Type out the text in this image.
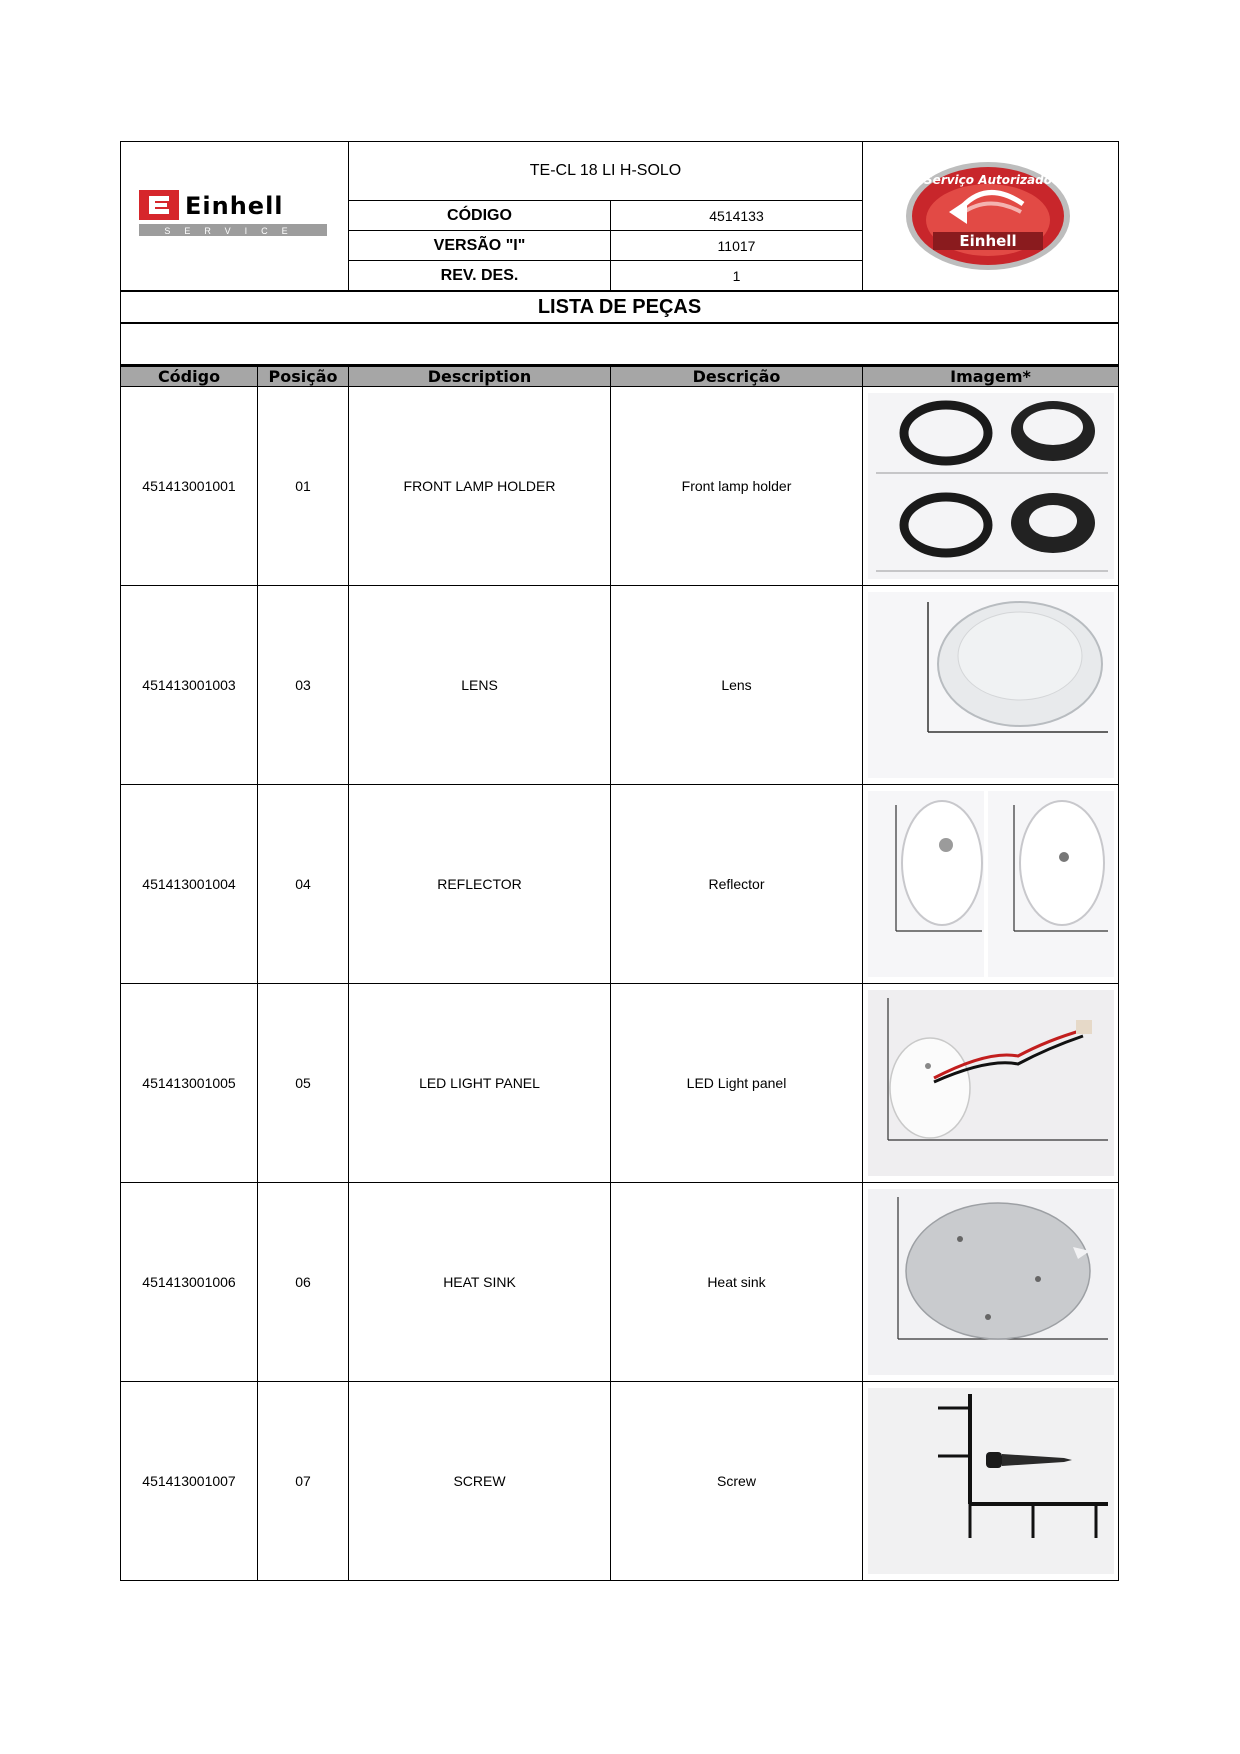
Einhell
SERVICE	TE-CL 18 LI H-SOLO		Serviço Autorizado
Einhell

	CÓDIGO	4514133	
	VERSÃO "I"	11017	
	REV. DES.	1	
LISTA DE PEÇAS			

Código	Posição	Description	Descrição	Imagem*
451413001001	01	FRONT LAMP HOLDER	Front lamp holder	

451413001003	03	LENS	Lens	

451413001004	04	REFLECTOR	Reflector	

451413001005	05	LED LIGHT PANEL	LED Light panel	

451413001006	06	HEAT SINK	Heat sink	

451413001007	07	SCREW	Screw	
